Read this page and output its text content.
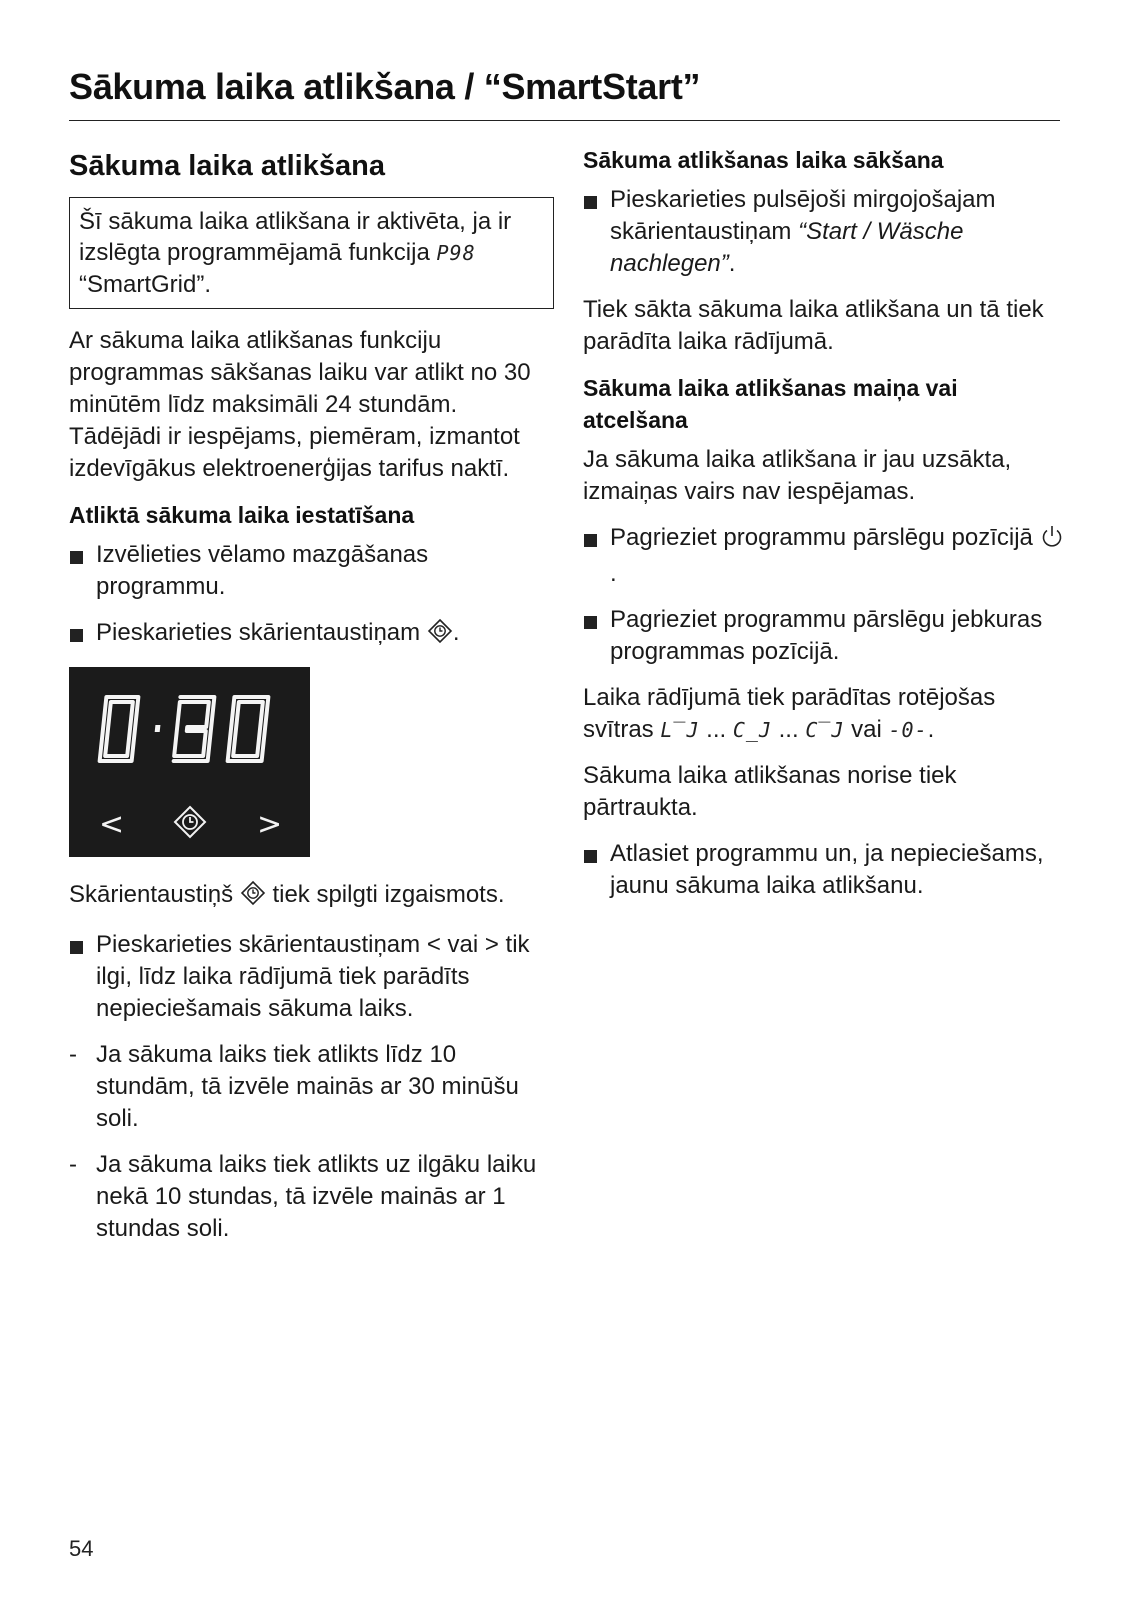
Sākuma laika atlikšana / “SmartStart”
Sākuma laika atlikšana
Šī sākuma laika atlikšana ir aktivēta, ja ir izslēgta programmējamā funkcija P98 “SmartGrid”.

Ar sākuma laika atlikšanas funkciju programmas sākšanas laiku var atlikt no 30 minūtēm līdz maksimāli 24 stundām. Tādējādi ir iespējams, piemēram, izmantot izdevīgākus elektroenerģijas tarifus naktī.

Atliktā sākuma laika iestatīšana
Izvēlieties vēlamo mazgāšanas programmu.
Pieskarieties skārientaustiņam .
<	>

Skārientaustiņš tiek spilgti izgaismots.

Pieskarieties skārientaustiņam < vai > tik ilgi, līdz laika rādījumā tiek parādīts nepieciešamais sākuma laiks.
- Ja sākuma laiks tiek atlikts līdz 10 stundām, tā izvēle mainās ar 30 minūšu soli.
- Ja sākuma laiks tiek atlikts uz ilgāku laiku nekā 10 stundas, tā izvēle mainās ar 1 stundas soli.
Sākuma atlikšanas laika sākšana
Pieskarieties pulsējoši mirgojošajam skārientaustiņam “Start / Wäsche nachlegen”.

Tiek sākta sākuma laika atlikšana un tā tiek parādīta laika rādījumā.

Sākuma laika atlikšanas maiņa vai atcelšana

Ja sākuma laika atlikšana ir jau uzsākta, izmaiņas vairs nav iespējamas.

Pagrieziet programmu pārslēgu pozīcijā .
Pagrieziet programmu pārslēgu jebkuras programmas pozīcijā.

Laika rādījumā tiek parādītas rotējošas svītras L‾J ... C_J ... C‾J vai -0-.

Sākuma laika atlikšanas norise tiek pārtraukta.

Atlasiet programmu un, ja nepieciešams, jaunu sākuma laika atlikšanu.
54
